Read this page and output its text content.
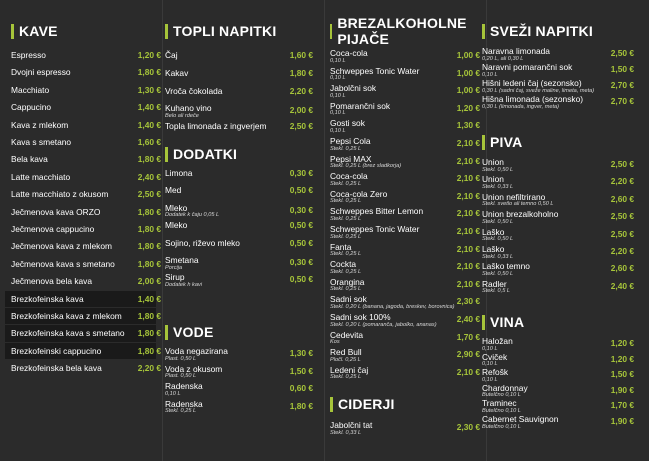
KAVE
Espresso	1,20 €
Dvojni espresso	1,80 €
Macchiato	1,30 €
Cappucino	1,40 €
Kava z mlekom	1,40 €
Kava s smetano	1,60 €
Bela kava	1,80 €
Latte macchiato	2,40 €
Latte macchiato z okusom	2,50 €
Ječmenova kava ORZO	1,80 €
Ječmenova cappucino	1,80 €
Ječmenova kava z mlekom	1,80 €
Ječmenova kava s smetano	1,80 €
Ječmenova bela kava	2,00 €
Brezkofeinska kava	1,40 €
Brezkofeinska kava z mlekom 1,80 €
Brezkofeinska kava s smetano 1,80 €
Brezkofeinski cappucino	1,80 €
Brezkofeinska bela kava	2,20 €
TOPLI NAPITKI
DODATKI
VODE
Čaj	1,60 €
Kakav	1,80 €
Vroča čokolada	2,20 €
Kuhano vino	2,00 €
Belo ali rdeče
Topla limonada z ingverjem	2,50 €
Limona	0,30 €
Med	0,50 €
Mleko	0,30 €
Dodatek k čaju 0,05 L
Mleko	0,50 €
Sojino, riževo mleko	0,50 €
Smetana	0,30 €
Porcija
Sirup	0,50 €
Dodatek h kavi
Voda negazirana	1,30 €
Plast. 0,50 L
Voda z okusom	1,50 €
Plast. 0,50 L
Radenska	0,60 €
0,10 L
Radenska	1,80 €
Stekl. 0,25 L
BREZALKOHOLNE PIJAČE
CIDERJI
Coca-cola	1,00 €
0,10 L
Schweppes Tonic Water	1,00 €
0,10 L
Jabolčni sok	1,00 €
0,10 L
Pomarančni sok	1,20 €
0,10 L
Gosti sok	1,30 €
0,10 L
Pepsi Cola	2,10 €
Stekl. 0,25 L
Pepsi MAX	2,10 €
Stekl. 0,25 L (brez sladkorja)
Coca-cola	2,10 €
Stekl. 0,25 L
Coca-cola Zero	2,10 €
Stekl. 0,25 L
Schweppes Bitter Lemon	2,10 €
Stekl. 0,25 L
Schweppes Tonic Water	2,10 €
Stekl. 0,25 L
Fanta	2,10 €
Stekl. 0,25 L
Cockta	2,10 €
Stekl. 0,25 L
Orangina	2,10 €
Stekl. 0,25 L
Sadni sok	2,30 €
Stekl. 0,20 L (banana, jagoda, breskev, borovnica)
Sadni sok 100%	2,40 €
Stekl. 0,20 L (pomaranča, jabolko, ananas)
Cedevita	1,70 €
Kos
Red Bull	2,90 €
Pločl. 0,25 L
Ledeni čaj	2,10 €
Stekl. 0,25 L
Jabolčni tat	2,30 €
Stekl. 0,33 L
SVEŽI NAPITKI
PIVA
VINA
Naravna limonada	2,50 €
0,20 L, ali 0,30 L
Naravni pomarančni sok	1,50 €
0,10 L
Hišni ledeni čaj (sezonsko)	2,70 €
0,30 L (sadni čaj, sveže maline, limeta, meta)
Hišna limonada (sezonsko)	2,70 €
0,30 L (limonada, ingver, meta)
Union	2,50 €
Stekl. 0,50 L
Union	2,20 €
Stekl. 0,33 L
Union nefiltrirano	2,60 €
Stekl. svetlo ali temno 0,50 L
Union brezalkoholno	2,50 €
Stekl. 0,50 L
Laško	2,50 €
Stekl. 0,50 L
Laško	2,20 €
Stekl. 0,33 L
Laško temno	2,60 €
Stekl. 0,50 L
Radler	2,40 €
Stekl. 0,5 L
Haložan	1,20 €
0,10 L
Cviček	1,20 €
0,10 L
Refošk	1,50 €
0,10 L
Chardonnay	1,90 €
Butelčno 0,10 L
Traminec	1,70 €
Butelčno 0,10 L
Cabernet Sauvignon	1,90 €
Butelčno 0,10 L
